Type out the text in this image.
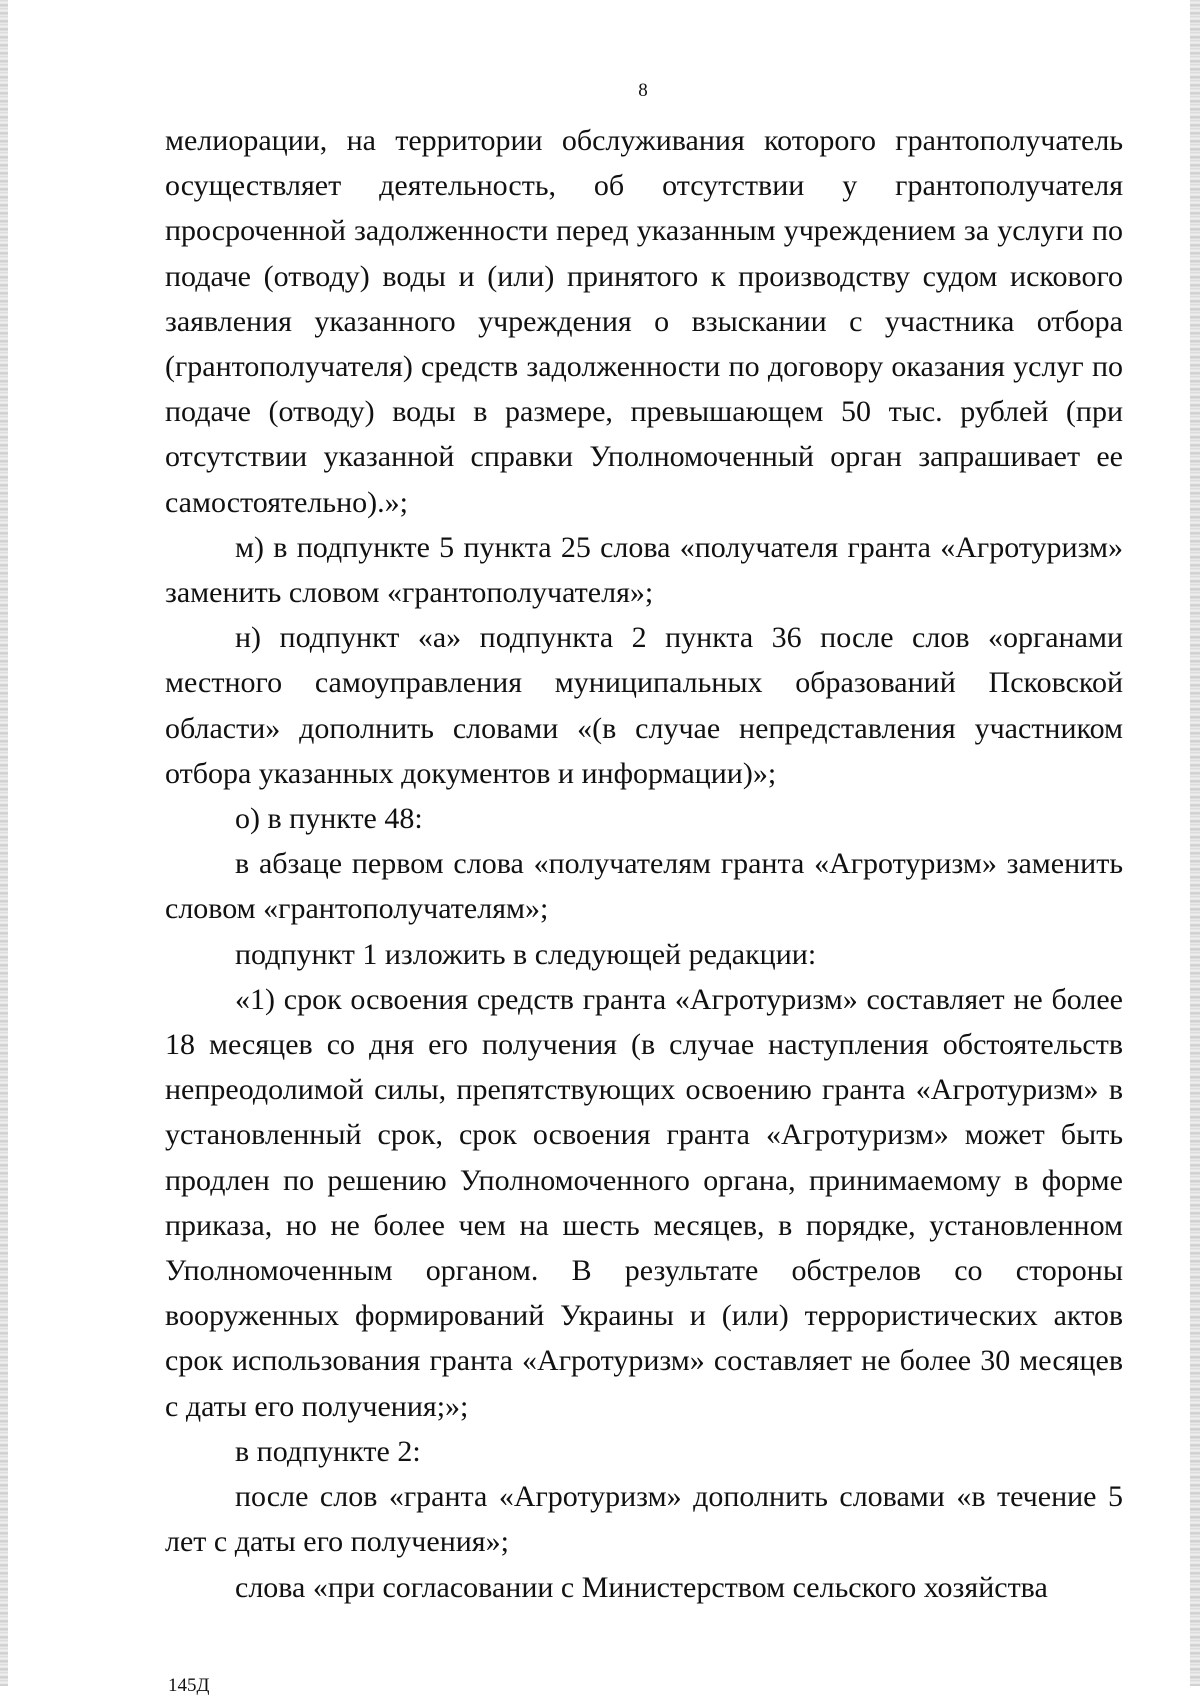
8

мелиорации, на территории обслуживания которого грантополучатель осуществляет деятельность, об отсутствии у грантополучателя просроченной задолженности перед указанным учреждением за услуги по подаче (отводу) воды и (или) принятого к производству судом искового заявления указанного учреждения о взыскании с участника отбора (грантополучателя) средств задолженности по договору оказания услуг по подаче (отводу) воды в размере, превышающем 50 тыс. рублей (при отсутствии указанной справки Уполномоченный орган запрашивает ее самостоятельно).»;

м) в подпункте 5 пункта 25 слова «получателя гранта «Агротуризм» заменить словом «грантополучателя»;

н) подпункт «а» подпункта 2 пункта 36 после слов «органами местного самоуправления муниципальных образований Псковской области» дополнить словами «(в случае непредставления участником отбора указанных документов и информации)»;

о) в пункте 48:

в абзаце первом слова «получателям гранта «Агротуризм» заменить словом «грантополучателям»;

подпункт 1 изложить в следующей редакции:

«1) срок освоения средств гранта «Агротуризм» составляет не более 18 месяцев со дня его получения (в случае наступления обстоятельств непреодолимой силы, препятствующих освоению гранта «Агротуризм» в установленный срок, срок освоения гранта «Агротуризм» может быть продлен по решению Уполномоченного органа, принимаемому в форме приказа, но не более чем на шесть месяцев, в порядке, установленном Уполномоченным органом. В результате обстрелов со стороны вооруженных формирований Украины и (или) террористических актов срок использования гранта «Агротуризм» составляет не более 30 месяцев с даты его получения;»;

в подпункте 2:

после слов «гранта «Агротуризм» дополнить словами «в течение 5 лет с даты его получения»;

слова «при согласовании с Министерством сельского хозяйства

145Д
